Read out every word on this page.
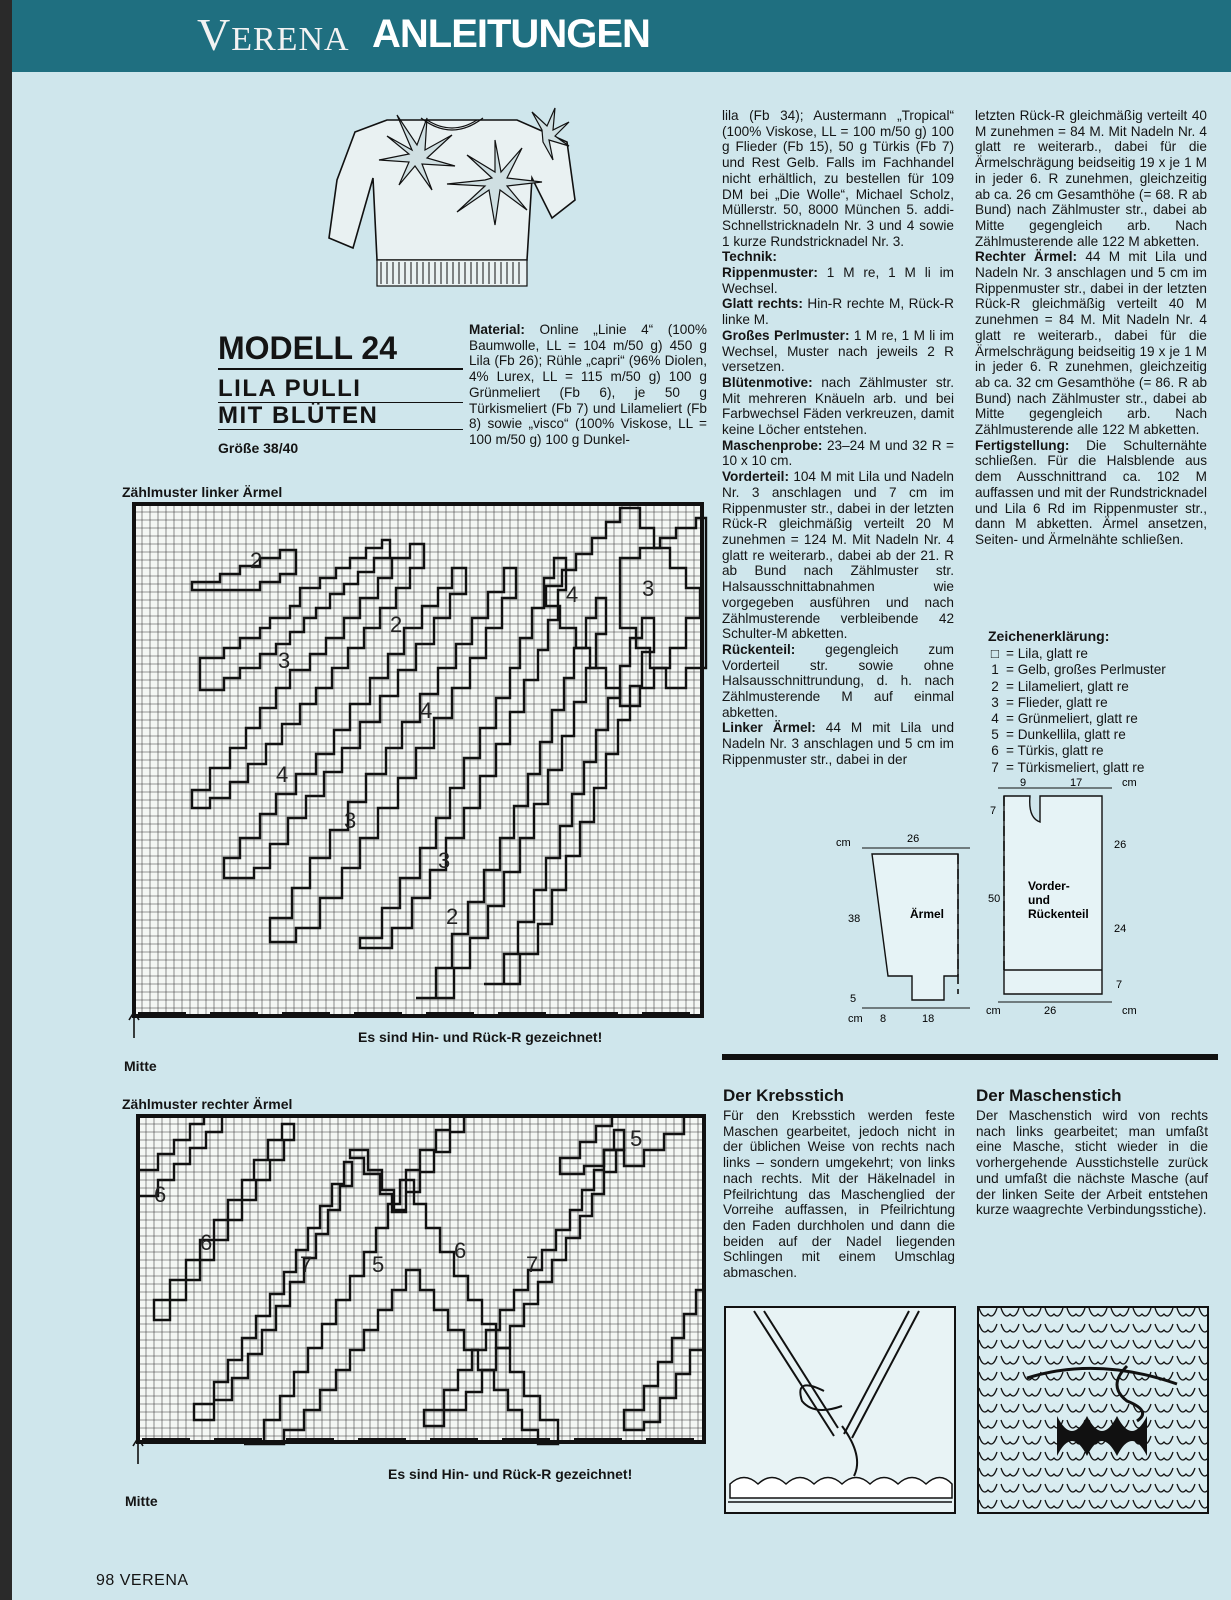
VERENA ANLEITUNGEN
MODELL 24
LILA PULLI
MIT BLÜTEN
Größe 38/40

Material: Online „Linie 4“ (100% Baumwolle, LL = 104 m/50 g) 450 g Lila (Fb 26); Rühle „capri“ (96% Diolen, 4% Lurex, LL = 115 m/50 g) 100 g Grünmeliert (Fb 6), je 50 g Türkismeliert (Fb 7) und Lilameliert (Fb 8) sowie „visco“ (100% Viskose, LL = 100 m/50 g) 100 g Dunkel-

lila (Fb 34); Austermann „Tropical“ (100% Viskose, LL = 100 m/50 g) 100 g Flieder (Fb 15), 50 g Türkis (Fb 7) und Rest Gelb. Falls im Fachhandel nicht erhältlich, zu bestellen für 109 DM bei „Die Wolle“, Michael Scholz, Müllerstr. 50, 8000 München 5. addi-Schnellstricknadeln Nr. 3 und 4 sowie 1 kurze Rundstricknadel Nr. 3.

Technik:

Rippenmuster: 1 M re, 1 M li im Wechsel.

Glatt rechts: Hin-R rechte M, Rück-R linke M.

Großes Perlmuster: 1 M re, 1 M li im Wechsel, Muster nach jeweils 2 R versetzen.

Blütenmotive: nach Zählmuster str. Mit mehreren Knäueln arb. und bei Farbwechsel Fäden verkreuzen, damit keine Löcher entstehen.

Maschenprobe: 23–24 M und 32 R = 10 x 10 cm.

Vorderteil: 104 M mit Lila und Nadeln Nr. 3 anschlagen und 7 cm im Rippenmuster str., dabei in der letzten Rück-R gleichmäßig verteilt 20 M zunehmen = 124 M. Mit Nadeln Nr. 4 glatt re weiterarb., dabei ab der 21. R ab Bund nach Zählmuster str. Halsausschnittabnahmen wie vorgegeben ausführen und nach Zählmusterende verbleibende 42 Schulter-M abketten.

Rückenteil: gegengleich zum Vorderteil str. sowie ohne Halsausschnittrundung, d. h. nach Zählmusterende M auf einmal abketten.

Linker Ärmel: 44 M mit Lila und Nadeln Nr. 3 anschlagen und 5 cm im Rippenmuster str., dabei in der

letzten Rück-R gleichmäßig verteilt 40 M zunehmen = 84 M. Mit Nadeln Nr. 4 glatt re weiterarb., dabei für die Ärmelschrägung beidseitig 19 x je 1 M in jeder 6. R zunehmen, gleichzeitig ab ca. 26 cm Gesamthöhe (= 68. R ab Bund) nach Zählmuster str., dabei ab Mitte gegengleich arb. Nach Zählmusterende alle 122 M abketten.

Rechter Ärmel: 44 M mit Lila und Nadeln Nr. 3 anschlagen und 5 cm im Rippenmuster str., dabei in der letzten Rück-R gleichmäßig verteilt 40 M zunehmen = 84 M. Mit Nadeln Nr. 4 glatt re weiterarb., dabei für die Ärmelschrägung beidseitig 19 x je 1 M in jeder 6. R zunehmen, gleichzeitig ab ca. 32 cm Gesamthöhe (= 86. R ab Bund) nach Zählmuster str., dabei ab Mitte gegengleich arb. Nach Zählmusterende alle 122 M abketten.

Fertigstellung: Die Schulternähte schließen. Für die Halsblende aus dem Ausschnittrand ca. 102 M auffassen und mit der Rundstricknadel und Lila 6 Rd im Rippenmuster str., dann M abketten. Ärmel ansetzen, Seiten- und Ärmelnähte schließen.

Zeichenerklärung:
□ = Lila, glatt re
1 = Gelb, großes Perlmuster
2 = Lilameliert, glatt re
3 = Flieder, glatt re
4 = Grünmeliert, glatt re
5 = Dunkellila, glatt re
6 = Türkis, glatt re
7 = Türkismeliert, glatt re
Zählmuster linker Ärmel
2
2
3
3
4
4
3
2
4	3
Es sind Hin- und Rück-R gezeichnet!
Mitte
Zählmuster rechter Ärmel
6
6
7	5
6
7
5
Es sind Hin- und Rück-R gezeichnet!
Mitte
cm	26
38
5
Ärmel
cm 8	18
9	17	cm
7
50
26
24
7
Vorder-
und
Rückenteil
cm	26	cm
Der Krebsstich

Für den Krebsstich werden feste Maschen gearbeitet, jedoch nicht in der üblichen Weise von rechts nach links – sondern umgekehrt; von links nach rechts. Mit der Häkelnadel in Pfeilrichtung das Maschenglied der Vorreihe auffassen, in Pfeilrichtung den Faden durchholen und dann die beiden auf der Nadel liegenden Schlingen mit einem Umschlag abmaschen.

Der Maschenstich

Der Maschenstich wird von rechts nach links gearbeitet; man umfaßt eine Masche, sticht wieder in die vorhergehende Ausstichstelle zurück und umfaßt die nächste Masche (auf der linken Seite der Arbeit entstehen kurze waagrechte Verbindungsstiche).

98 VERENA
